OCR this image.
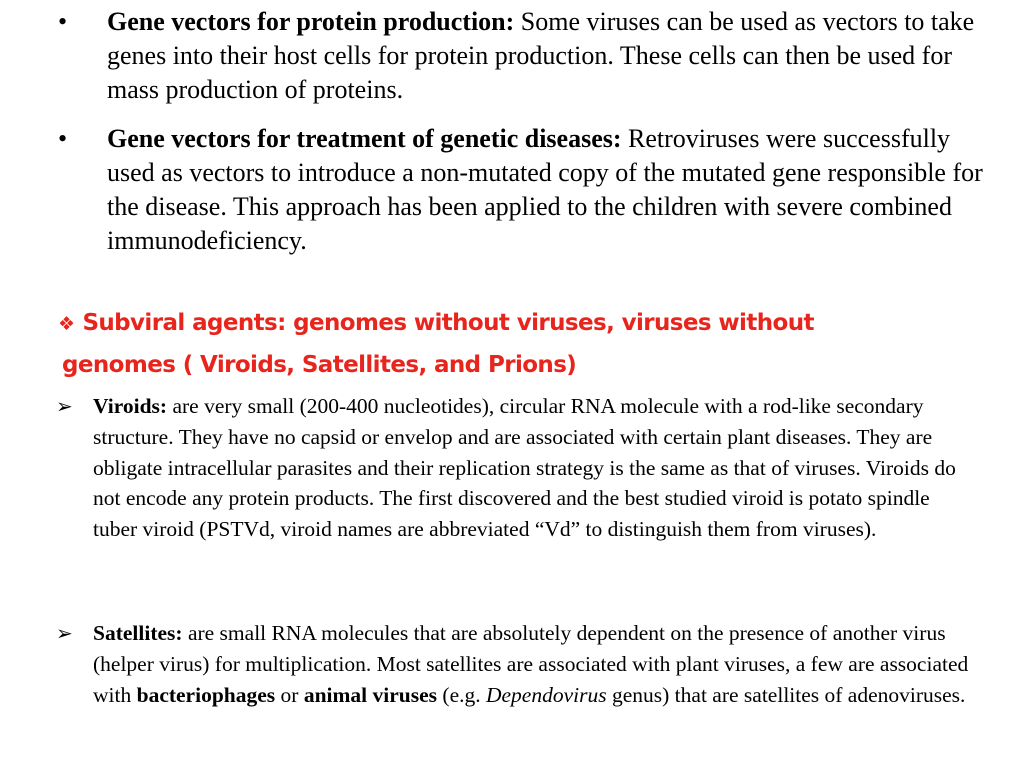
• Gene vectors for protein production: Some viruses can be used as vectors to take genes into their host cells for protein production. These cells can then be used for mass production of proteins.
• Gene vectors for treatment of genetic diseases: Retroviruses were successfully used as vectors to introduce a non-mutated copy of the mutated gene responsible for the disease. This approach has been applied to the children with severe combined immunodeficiency.
❖ Subviral agents: genomes without viruses, viruses without
genomes ( Viroids, Satellites, and Prions)
➢ Viroids: are very small (200-400 nucleotides), circular RNA molecule with a rod-like secondary structure. They have no capsid or envelop and are associated with certain plant diseases. They are obligate intracellular parasites and their replication strategy is the same as that of viruses. Viroids do not encode any protein products. The first discovered and the best studied viroid is potato spindle tuber viroid (PSTVd, viroid names are abbreviated “Vd” to distinguish them from viruses).
➢ Satellites: are small RNA molecules that are absolutely dependent on the presence of another virus (helper virus) for multiplication. Most satellites are associated with plant viruses, a few are associated with bacteriophages or animal viruses (e.g. Dependovirus genus) that are satellites of adenoviruses.
